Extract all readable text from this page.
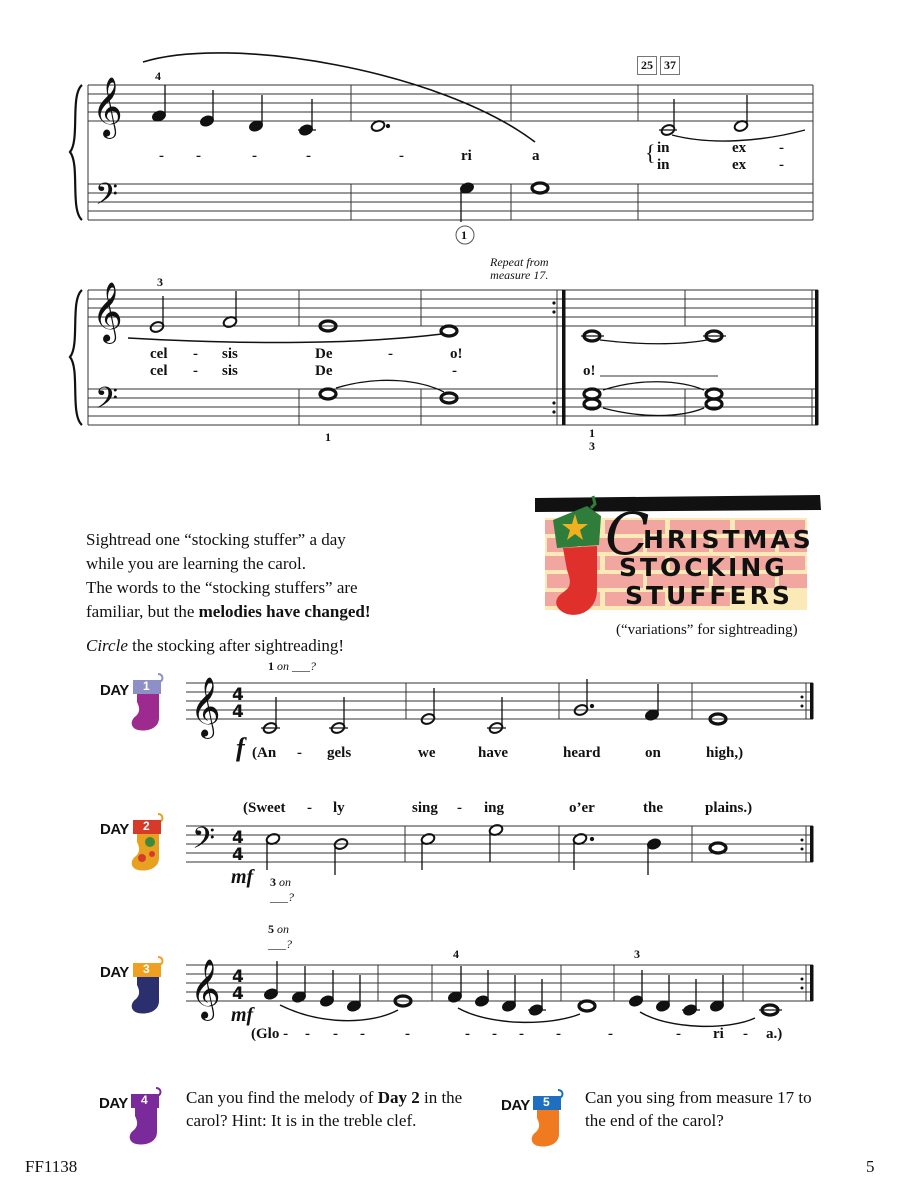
𝄞
𝄢
𝄞
𝄢
𝄞 4
4
𝄢 4
4
𝄞 4
4
4
1
25 37
- -	-	-	-	ri	a	{ in	ex -
in	ex -
3
Repeat from
measure 17.
cel - sis	De	-	o!
cel - sis	De	-	o!
1	1
3

Sightread one “stocking stuffer” a day

while you are learning the carol.

The words to the “stocking stuffers” are

familiar, but the melodies have changed!

Circle the stocking after sightreading!

C
HRISTMAS
STOCKING
STUFFERS
(“variations” for sightreading)
DAY 1
1 on ___?
f (An - gels	we	have	heard	on	high,)
DAY 2
(Sweet - ly	sing - ing	o’er	the	plains.)
mf 3 on ___?
DAY 3
5 on ___?
4	3
mf
(Glo - - - -	-	- - - -	-	- ri - a.)
DAY 4 Can you find the melody of Day 2 in the carol? Hint: It is in the treble clef.
DAY 5 Can you sing from measure 17 to the end of the carol?
FF1138	5
